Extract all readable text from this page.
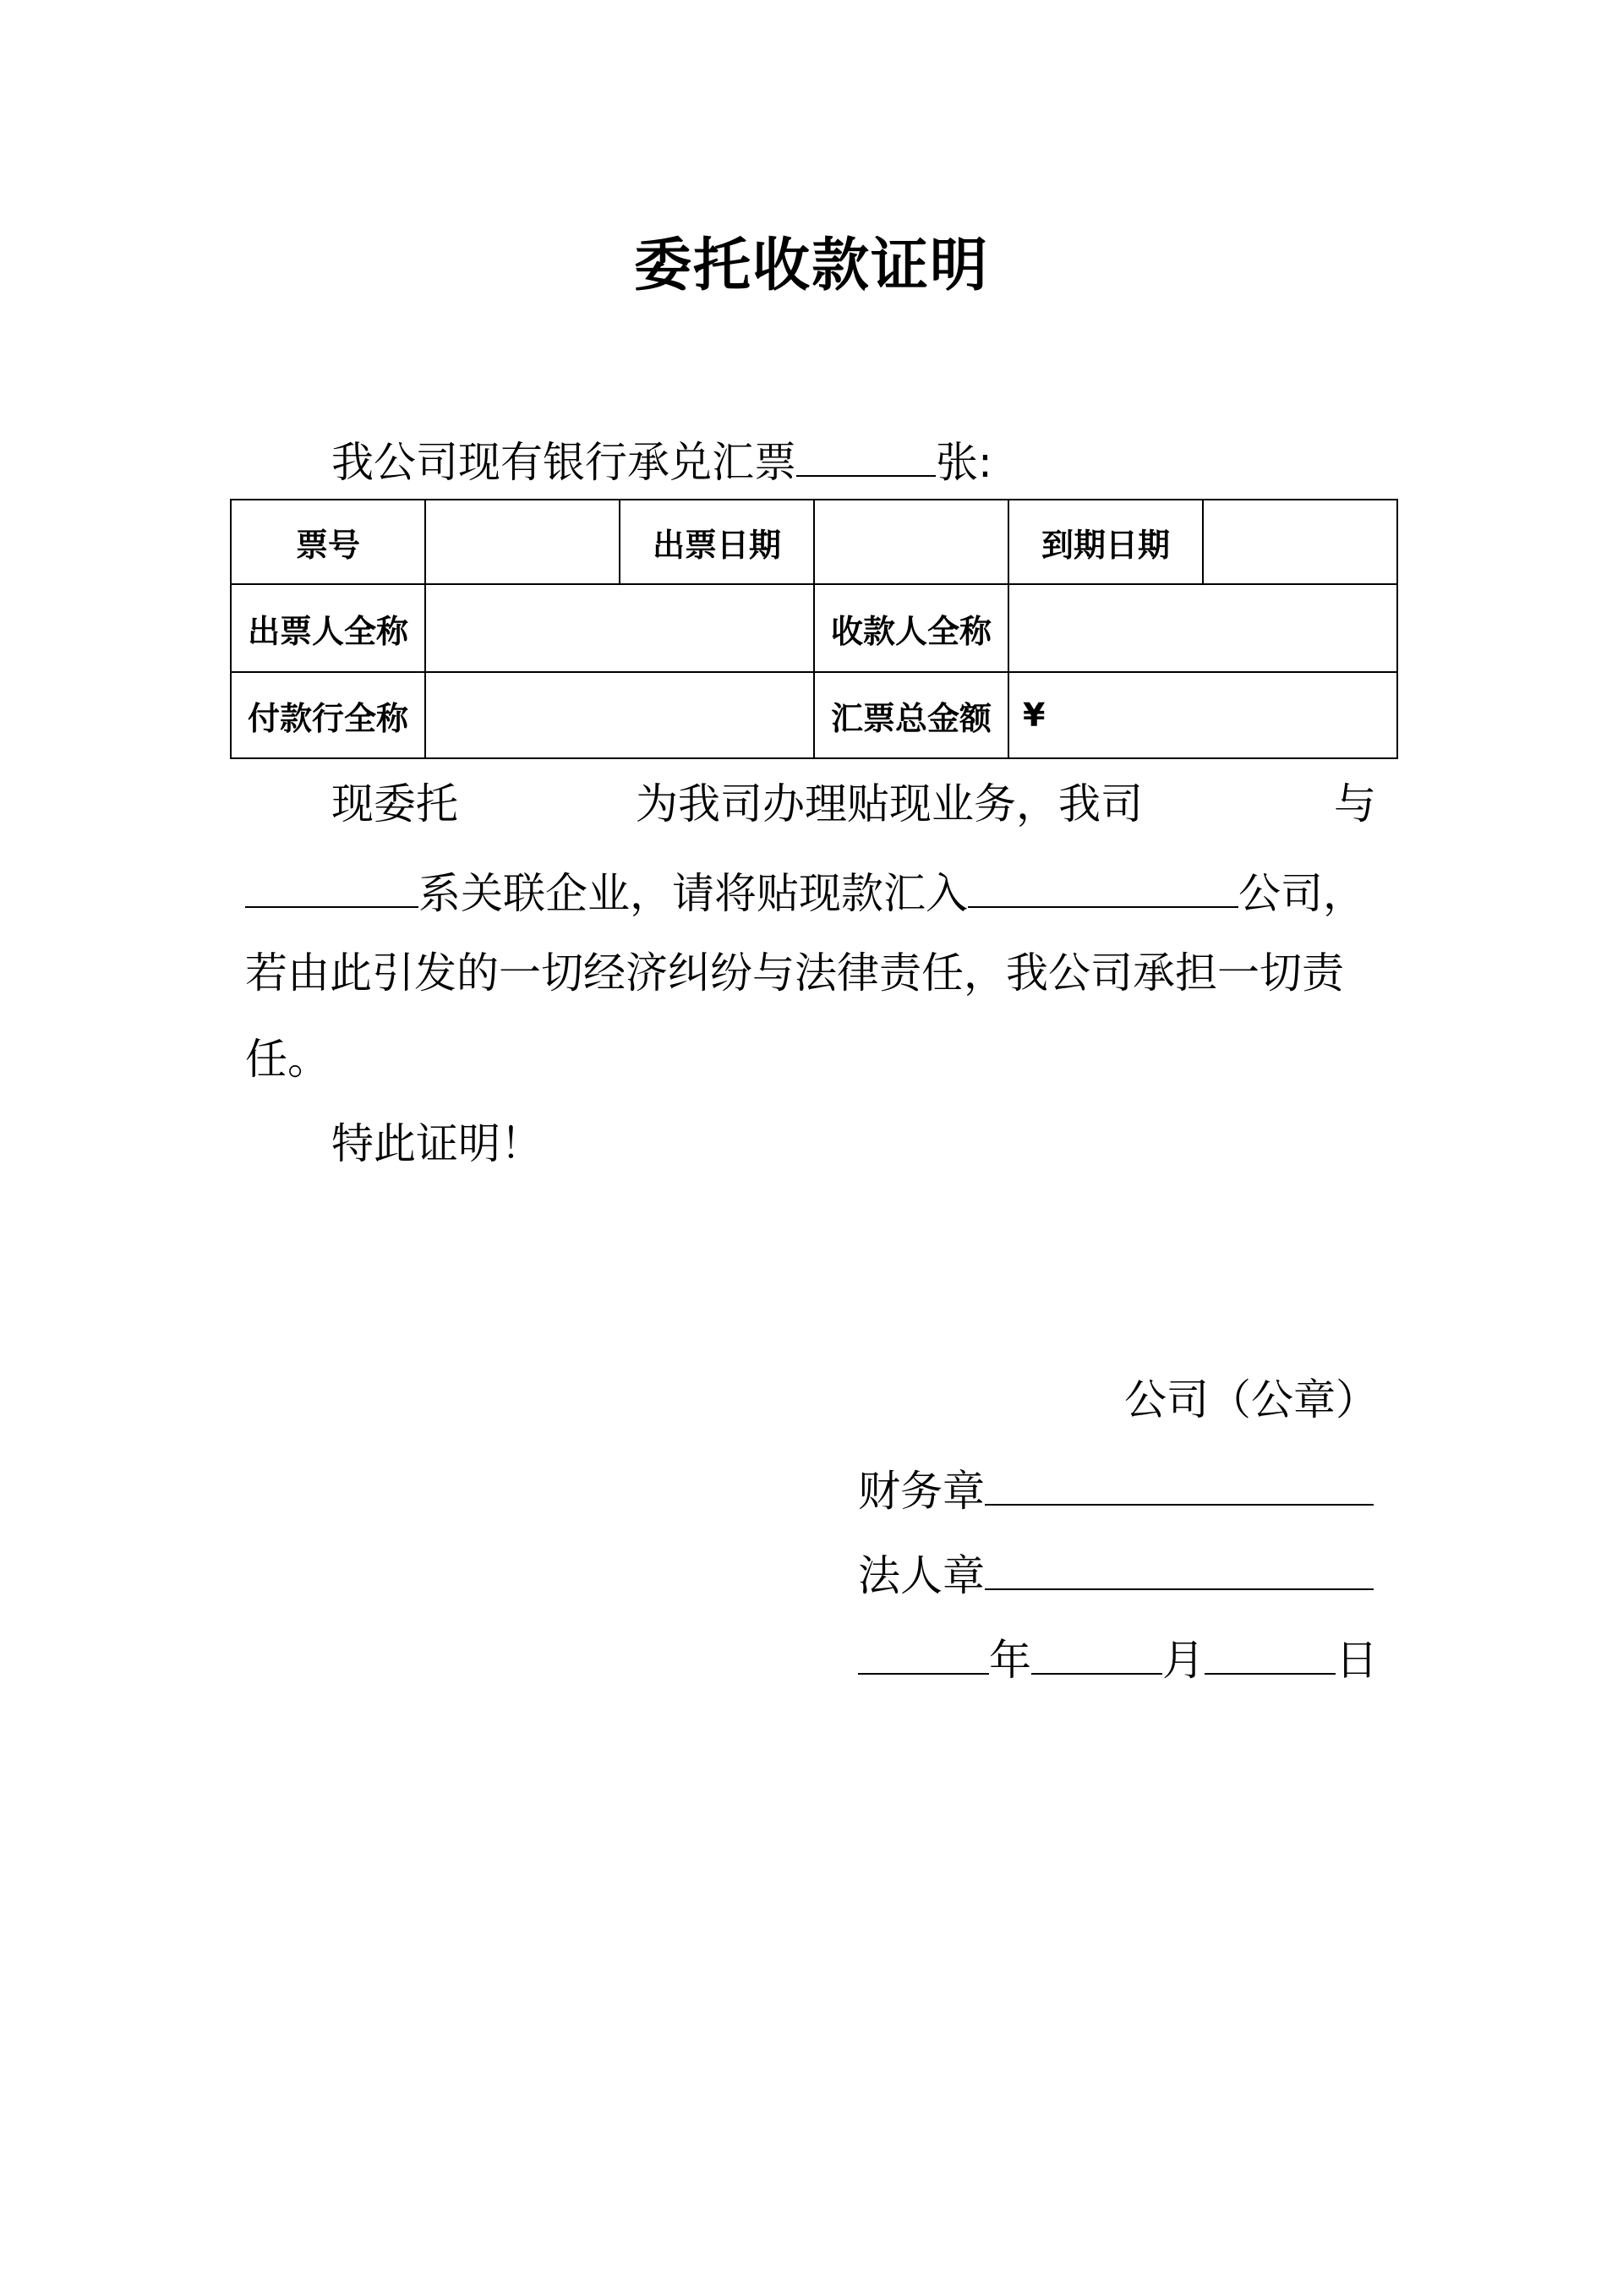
委托收款证明
我公司现有银行承兑汇票	张:
票号		出票日期		到期日期	
出票人全称			收款人全称		
付款行全称			汇票总金额	¥	
现委托	为我司办理贴现业务，我司	与
系关联企业，请将贴现款汇入	公司，
若由此引发的一切经济纠纷与法律责任，我公司承担一切责
任。
特此证明！
公司（公章）
财务章
法人章
年	月	日
